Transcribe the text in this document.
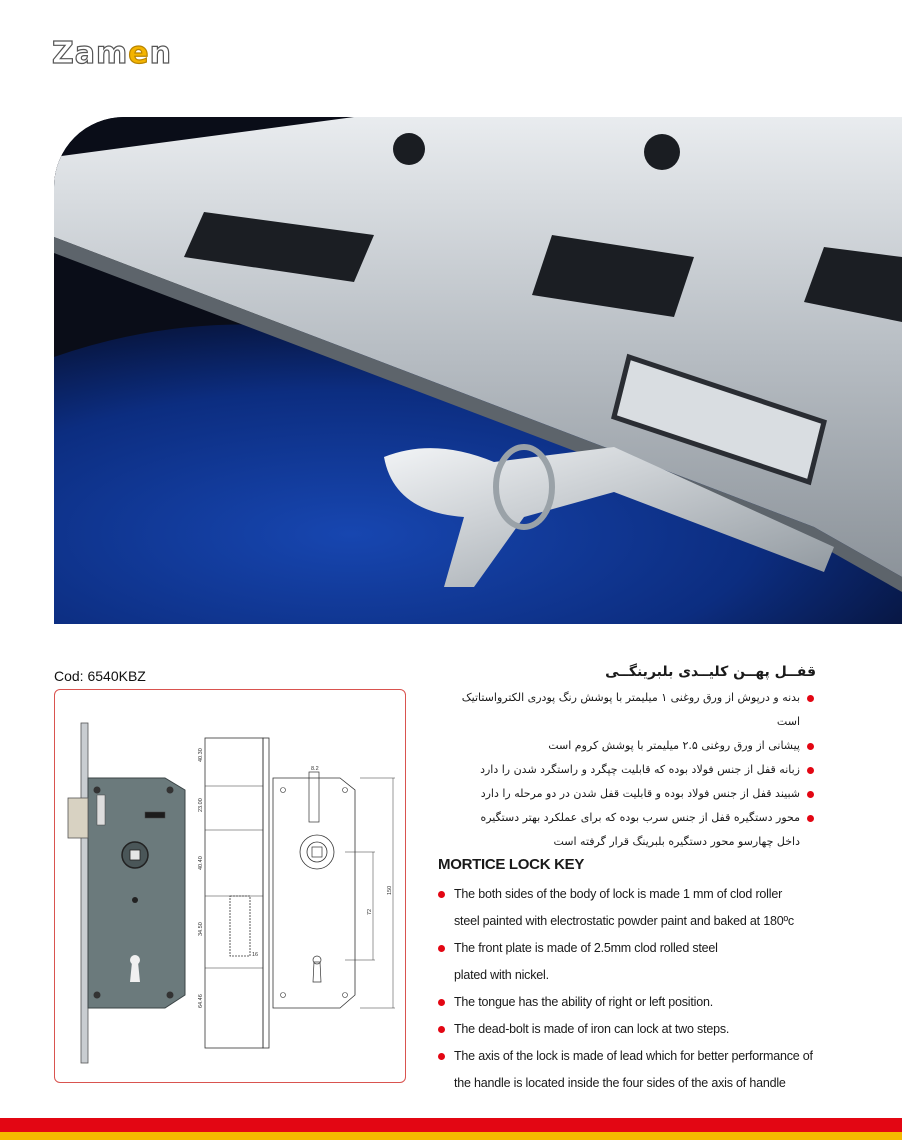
Zamen
Cod: 6540KBZ
40.30
23.00
40.40
34.50
64.46
16
8.2
72
150
قفــل پهــن کلیــدی بلبرینگــی
بدنه و درپوش از ورق روغنی ۱ میلیمتر با پوشش رنگ پودری الکترواستاتیک است
پیشانی از ورق روغنی ۲.۵ میلیمتر با پوشش کروم است
زبانه قفل از جنس فولاد بوده که قابلیت چپگرد و راستگرد شدن را دارد
شبیند قفل از جنس فولاد بوده و قابلیت قفل شدن در دو مرحله را دارد
محور دستگیره قفل از جنس سرب بوده که برای عملکرد بهتر دستگیره
داخل چهارسو محور دستگیره بلبرینگ قرار گرفته است
MORTICE LOCK KEY
The both sides of the body of lock is made 1 mm of clod roller
steel painted with electrostatic powder paint and baked at 180ºc
The front plate is made of 2.5mm clod rolled steel
plated with nickel.
The tongue has the ability of right or left position.
The dead-bolt is made of iron can lock at two steps.
The axis of the lock is made of lead which for better performance of
the handle is located inside the four sides of the axis of handle
